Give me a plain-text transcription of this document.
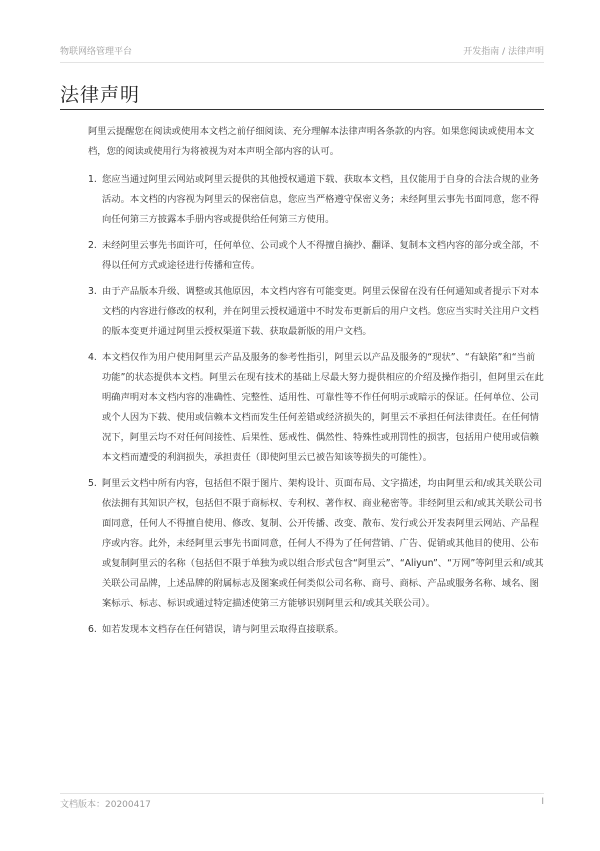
物联网络管理平台	开发指南 / 法律声明
法律声明

阿里云提醒您在阅读或使用本文档之前仔细阅读、充分理解本法律声明各条款的内容。如果您阅读或使用本文档，您的阅读或使用行为将被视为对本声明全部内容的认可。

1. 您应当通过阿里云网站或阿里云提供的其他授权通道下载、获取本文档，且仅能用于自身的合法合规的业务活动。本文档的内容视为阿里云的保密信息，您应当严格遵守保密义务；未经阿里云事先书面同意，您不得向任何第三方披露本手册内容或提供给任何第三方使用。
2. 未经阿里云事先书面许可，任何单位、公司或个人不得擅自摘抄、翻译、复制本文档内容的部分或全部，不得以任何方式或途径进行传播和宣传。
3. 由于产品版本升级、调整或其他原因，本文档内容有可能变更。阿里云保留在没有任何通知或者提示下对本文档的内容进行修改的权利，并在阿里云授权通道中不时发布更新后的用户文档。您应当实时关注用户文档的版本变更并通过阿里云授权渠道下载、获取最新版的用户文档。
4. 本文档仅作为用户使用阿里云产品及服务的参考性指引，阿里云以产品及服务的“现状”、“有缺陷”和“当前功能”的状态提供本文档。阿里云在现有技术的基础上尽最大努力提供相应的介绍及操作指引，但阿里云在此明确声明对本文档内容的准确性、完整性、适用性、可靠性等不作任何明示或暗示的保证。任何单位、公司或个人因为下载、使用或信赖本文档而发生任何差错或经济损失的，阿里云不承担任何法律责任。在任何情况下，阿里云均不对任何间接性、后果性、惩戒性、偶然性、特殊性或刑罚性的损害，包括用户使用或信赖本文档而遭受的利润损失，承担责任（即使阿里云已被告知该等损失的可能性）。
5. 阿里云文档中所有内容，包括但不限于图片、架构设计、页面布局、文字描述，均由阿里云和/或其关联公司依法拥有其知识产权，包括但不限于商标权、专利权、著作权、商业秘密等。非经阿里云和/或其关联公司书面同意，任何人不得擅自使用、修改、复制、公开传播、改变、散布、发行或公开发表阿里云网站、产品程序或内容。此外，未经阿里云事先书面同意，任何人不得为了任何营销、广告、促销或其他目的使用、公布或复制阿里云的名称（包括但不限于单独为或以组合形式包含“阿里云”、“Aliyun”、“万网”等阿里云和/或其关联公司品牌，上述品牌的附属标志及图案或任何类似公司名称、商号、商标、产品或服务名称、域名、图案标示、标志、标识或通过特定描述使第三方能够识别阿里云和/或其关联公司）。
6. 如若发现本文档存在任何错误，请与阿里云取得直接联系。
文档版本：20200417	I
